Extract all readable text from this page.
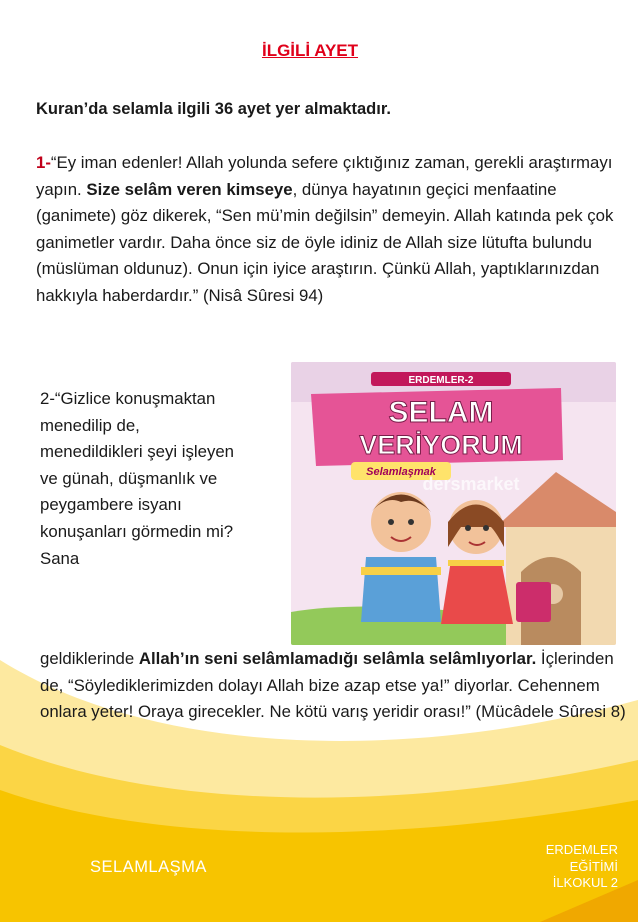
İLGİLİ AYET
Kuran’da selamla ilgili 36 ayet yer almaktadır.
1-“Ey iman edenler! Allah yolunda sefere çıktığınız zaman, gerekli araştırmayı yapın. Size selâm veren kimseye, dünya hayatının geçici menfaatine (ganimete) göz dikerek, “Sen mü’min değilsin” demeyin. Allah katında pek çok ganimetler vardır. Daha önce siz de öyle idiniz de Allah size lütufta bulundu (müslüman oldunuz). Onun için iyice araştırın. Çünkü Allah, yaptıklarınızdan hakkıyla haberdardır.” (Nisâ Sûresi 94)
2-“Gizlice konuşmaktan menedilip de, menedildikleri şeyi işleyen ve günah, düşmanlık ve peygambere isyanı konuşanları görmedin mi? Sana
ERDEMLER-2
SELAM
VERİYORUM
Selamlaşmak
dersmarket
geldiklerinde Allah’ın seni selâmlamadığı selâmla selâmlıyorlar. İçlerinden de, “Söylediklerimizden dolayı Allah bize azap etse ya!” diyorlar. Cehennem onlara yeter! Oraya girecekler. Ne kötü varış yeridir orası!” (Mücâdele Sûresi 8)
SELAMLAŞMA
ERDEMLER
EĞİTİMİ
İLKOKUL 2
